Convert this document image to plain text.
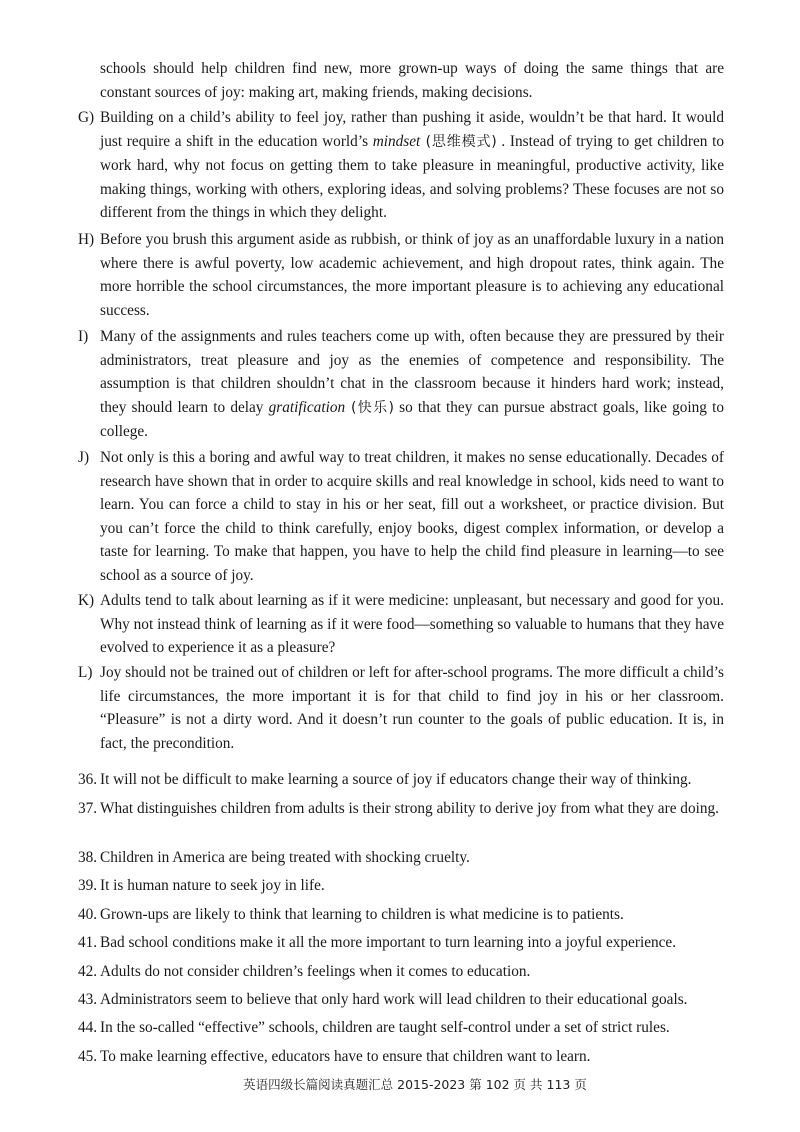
schools should help children find new, more grown-up ways of doing the same things that are constant sources of joy: making art, making friends, making decisions.
G) Building on a child’s ability to feel joy, rather than pushing it aside, wouldn’t be that hard. It would just require a shift in the education world’s mindset (思维模式) . Instead of trying to get children to work hard, why not focus on getting them to take pleasure in meaningful, productive activity, like making things, working with others, exploring ideas, and solving problems? These focuses are not so different from the things in which they delight.
H) Before you brush this argument aside as rubbish, or think of joy as an unaffordable luxury in a nation where there is awful poverty, low academic achievement, and high dropout rates, think again. The more horrible the school circumstances, the more important pleasure is to achieving any educational success.
I) Many of the assignments and rules teachers come up with, often because they are pressured by their administrators, treat pleasure and joy as the enemies of competence and responsibility. The assumption is that children shouldn’t chat in the classroom because it hinders hard work; instead, they should learn to delay gratification (快乐) so that they can pursue abstract goals, like going to college.
J) Not only is this a boring and awful way to treat children, it makes no sense educationally. Decades of research have shown that in order to acquire skills and real knowledge in school, kids need to want to learn. You can force a child to stay in his or her seat, fill out a worksheet, or practice division. But you can’t force the child to think carefully, enjoy books, digest complex information, or develop a taste for learning. To make that happen, you have to help the child find pleasure in learning—to see school as a source of joy.
K) Adults tend to talk about learning as if it were medicine: unpleasant, but necessary and good for you. Why not instead think of learning as if it were food—something so valuable to humans that they have evolved to experience it as a pleasure?
L) Joy should not be trained out of children or left for after-school programs. The more difficult a child’s life circumstances, the more important it is for that child to find joy in his or her classroom. “Pleasure” is not a dirty word. And it doesn’t run counter to the goals of public education. It is, in fact, the precondition.
36. It will not be difficult to make learning a source of joy if educators change their way of thinking.
37. What distinguishes children from adults is their strong ability to derive joy from what they are doing.
38. Children in America are being treated with shocking cruelty.
39. It is human nature to seek joy in life.
40. Grown-ups are likely to think that learning to children is what medicine is to patients.
41. Bad school conditions make it all the more important to turn learning into a joyful experience.
42. Adults do not consider children’s feelings when it comes to education.
43. Administrators seem to believe that only hard work will lead children to their educational goals.
44. In the so-called “effective” schools, children are taught self-control under a set of strict rules.
45. To make learning effective, educators have to ensure that children want to learn.
英语四级长篇阅读真题汇总 2015-2023 第 102 页 共 113 页
